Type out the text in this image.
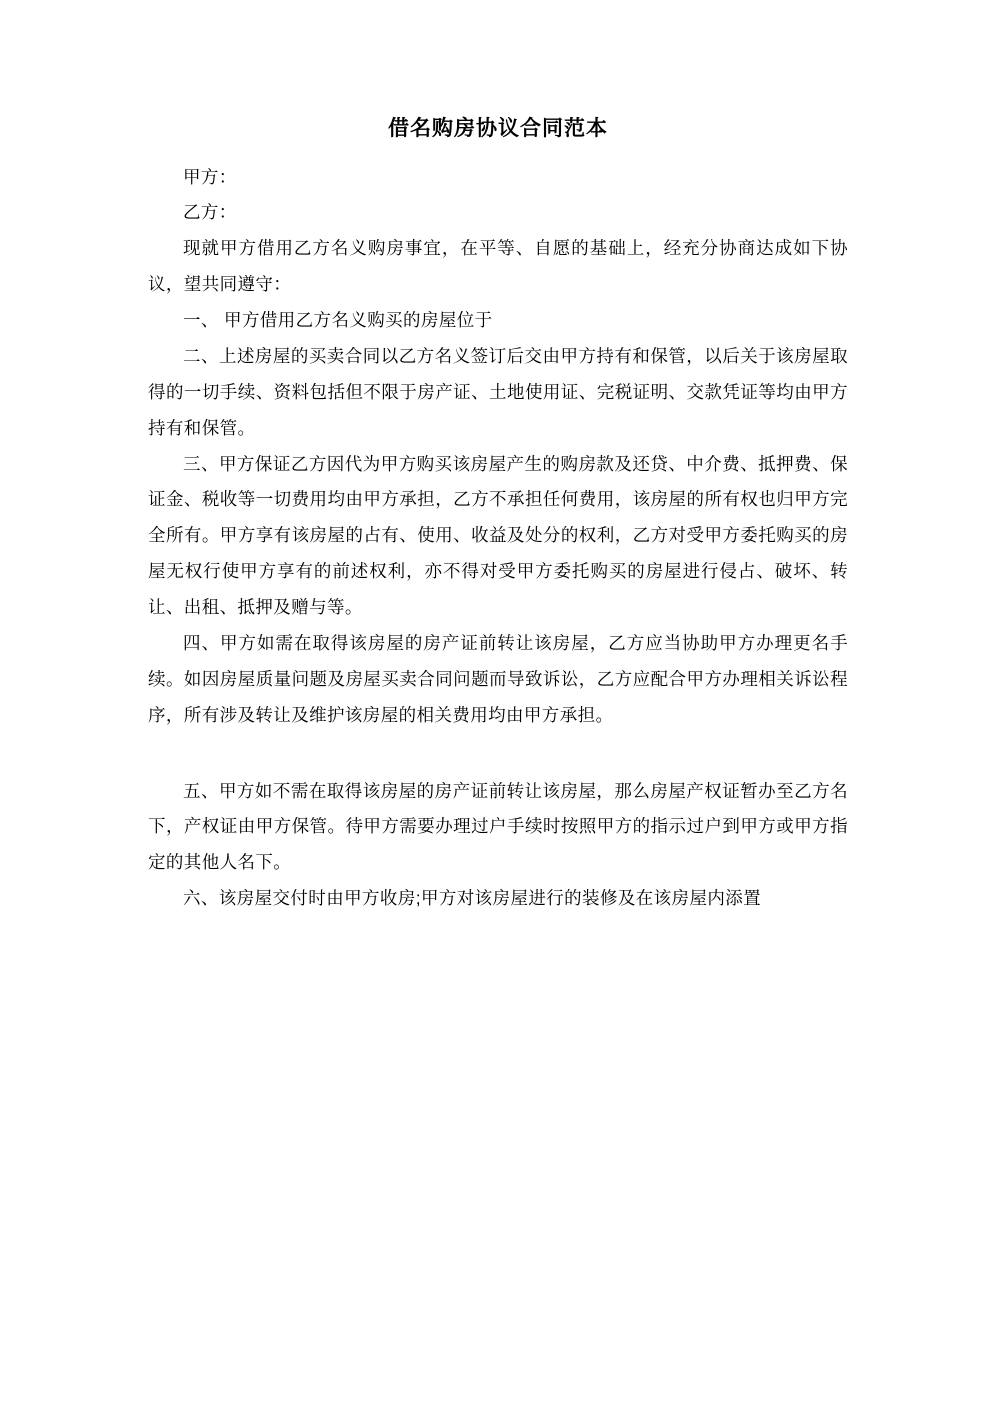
借名购房协议合同范本

甲方：

乙方：

现就甲方借用乙方名义购房事宜，在平等、自愿的基础上，经充分协商达成如下协议，望共同遵守：

一、 甲方借用乙方名义购买的房屋位于

二、上述房屋的买卖合同以乙方名义签订后交由甲方持有和保管，以后关于该房屋取得的一切手续、资料包括但不限于房产证、土地使用证、完税证明、交款凭证等均由甲方持有和保管。

三、甲方保证乙方因代为甲方购买该房屋产生的购房款及还贷、中介费、抵押费、保证金、税收等一切费用均由甲方承担，乙方不承担任何费用，该房屋的所有权也归甲方完全所有。甲方享有该房屋的占有、使用、收益及处分的权利，乙方对受甲方委托购买的房屋无权行使甲方享有的前述权利，亦不得对受甲方委托购买的房屋进行侵占、破坏、转让、出租、抵押及赠与等。

四、甲方如需在取得该房屋的房产证前转让该房屋，乙方应当协助甲方办理更名手续。如因房屋质量问题及房屋买卖合同问题而导致诉讼，乙方应配合甲方办理相关诉讼程序，所有涉及转让及维护该房屋的相关费用均由甲方承担。

五、甲方如不需在取得该房屋的房产证前转让该房屋，那么房屋产权证暂办至乙方名下，产权证由甲方保管。待甲方需要办理过户手续时按照甲方的指示过户到甲方或甲方指定的其他人名下。

六、该房屋交付时由甲方收房;甲方对该房屋进行的装修及在该房屋内添置
